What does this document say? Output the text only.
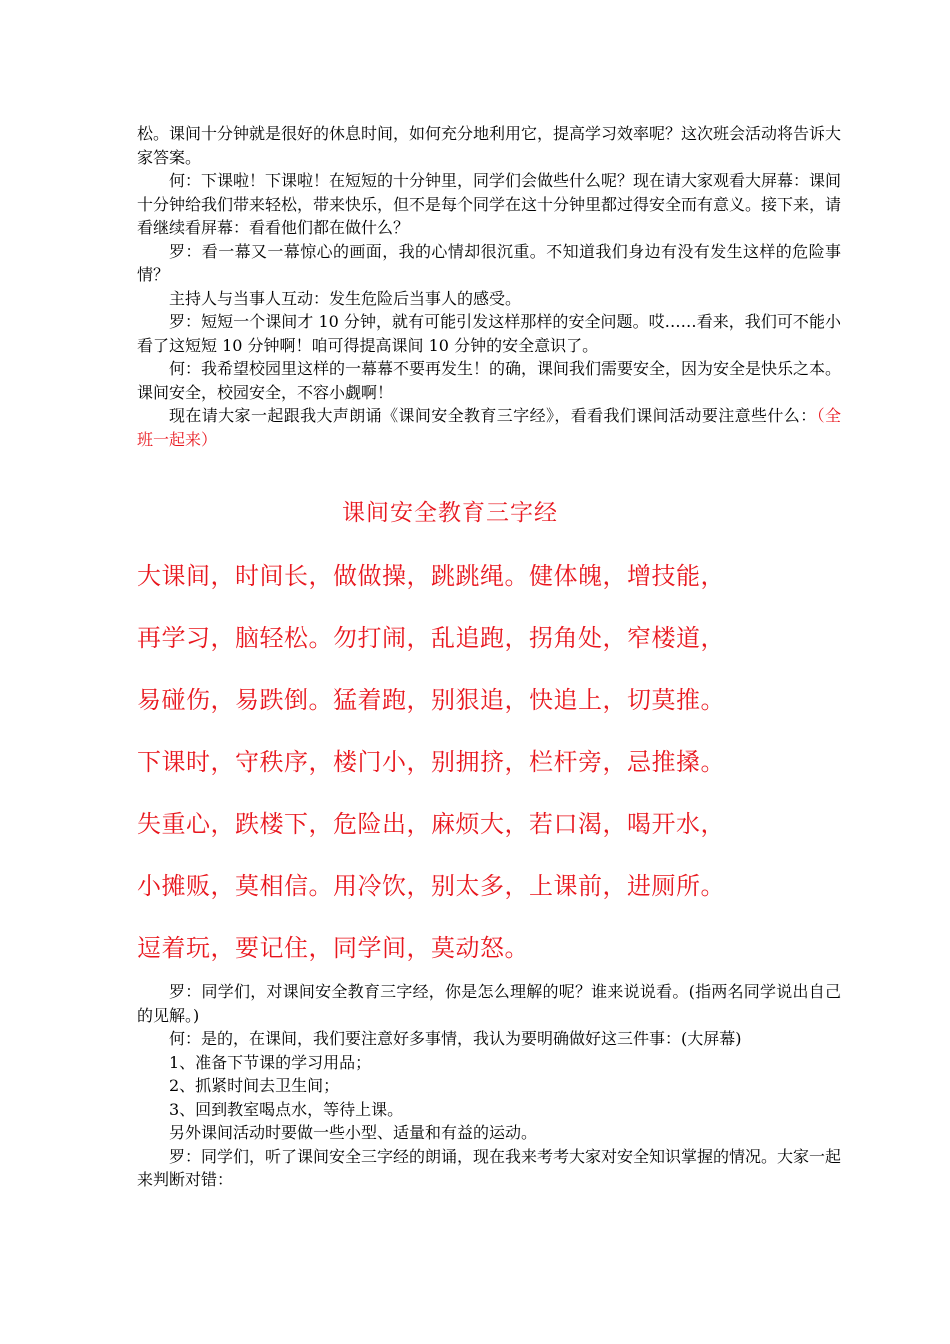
松。课间十分钟就是很好的休息时间，如何充分地利用它，提高学习效率呢？这次班会活动将告诉大家答案。

何：下课啦！下课啦！在短短的十分钟里，同学们会做些什么呢？现在请大家观看大屏幕：课间十分钟给我们带来轻松，带来快乐，但不是每个同学在这十分钟里都过得安全而有意义。接下来，请看继续看屏幕：看看他们都在做什么？

罗：看一幕又一幕惊心的画面，我的心情却很沉重。不知道我们身边有没有发生这样的危险事情？

主持人与当事人互动：发生危险后当事人的感受。

罗：短短一个课间才 10 分钟，就有可能引发这样那样的安全问题。哎……看来，我们可不能小看了这短短 10 分钟啊！咱可得提高课间 10 分钟的安全意识了。

何：我希望校园里这样的一幕幕不要再发生！的确，课间我们需要安全，因为安全是快乐之本。课间安全，校园安全，不容小觑啊！

现在请大家一起跟我大声朗诵《课间安全教育三字经》，看看我们课间活动要注意些什么：（全班一起来）

课间安全教育三字经
大课间，时间长，做做操，跳跳绳。健体魄，增技能，
再学习，脑轻松。勿打闹，乱追跑，拐角处，窄楼道，
易碰伤，易跌倒。猛着跑，别狠追，快追上，切莫推。
下课时，守秩序，楼门小，别拥挤，栏杆旁，忌推搡。
失重心，跌楼下，危险出，麻烦大，若口渴，喝开水，
小摊贩，莫相信。用冷饮，别太多，上课前，进厕所。
逗着玩，要记住，同学间，莫动怒。

罗：同学们，对课间安全教育三字经，你是怎么理解的呢？谁来说说看。(指两名同学说出自己的见解。)

何：是的，在课间，我们要注意好多事情，我认为要明确做好这三件事：(大屏幕)

1、准备下节课的学习用品；

2、抓紧时间去卫生间；

3、回到教室喝点水，等待上课。

另外课间活动时要做一些小型、适量和有益的运动。

罗：同学们，听了课间安全三字经的朗诵，现在我来考考大家对安全知识掌握的情况。大家一起来判断对错：
